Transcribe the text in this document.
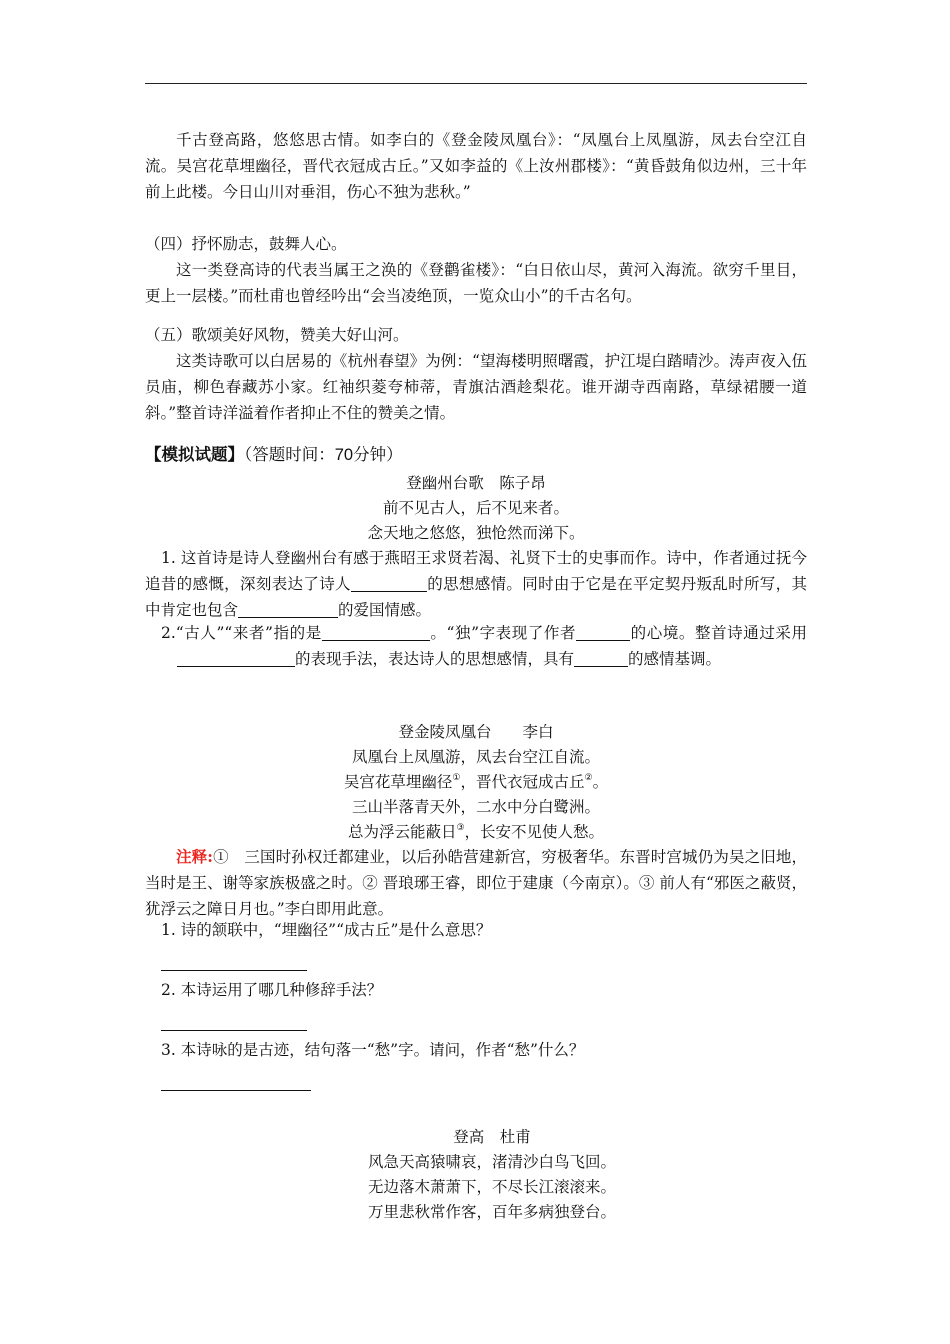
千古登高路，悠悠思古情。如李白的《登金陵凤凰台》：“凤凰台上凤凰游，凤去台空江自流。吴宫花草埋幽径，晋代衣冠成古丘。”又如李益的《上汝州郡楼》：“黄昏鼓角似边州，三十年前上此楼。今日山川对垂泪，伤心不独为悲秋。”

（四）抒怀励志，鼓舞人心。

这一类登高诗的代表当属王之涣的《登鹳雀楼》：“白日依山尽，黄河入海流。欲穷千里目，更上一层楼。”而杜甫也曾经吟出“会当凌绝顶，一览众山小”的千古名句。

（五）歌颂美好风物，赞美大好山河。

这类诗歌可以白居易的《杭州春望》为例：“望海楼明照曙霞，护江堤白踏晴沙。涛声夜入伍员庙，柳色春藏苏小家。红袖织菱夸柿蒂，青旗沽酒趁梨花。谁开湖寺西南路，草绿裙腰一道斜。”整首诗洋溢着作者抑止不住的赞美之情。

【模拟试题】（答题时间：70分钟）

登幽州台歌　陈子昂

前不见古人，后不见来者。

念天地之悠悠，独怆然而涕下。

1. 这首诗是诗人登幽州台有感于燕昭王求贤若渴、礼贤下士的史事而作。诗中，作者通过抚今追昔的感慨，深刻表达了诗人	的思想感情。同时由于它是在平定契丹叛乱时所写，其中肯定也包含	的爱国情感。

2.“古人”“来者”指的是	。“独”字表现了作者	的心境。整首诗通过采用的表现手法，表达诗人的思想感情，具有	的感情基调。

登金陵凤凰台　　李白

凤凰台上凤凰游，凤去台空江自流。

吴宫花草埋幽径①，晋代衣冠成古丘②。

三山半落青天外，二水中分白鹭洲。

总为浮云能蔽日③，长安不见使人愁。

注释:①　三国时孙权迁都建业，以后孙皓营建新宫，穷极奢华。东晋时宫城仍为吴之旧地，当时是王、谢等家族极盛之时。② 晋琅琊王睿，即位于建康（今南京）。③ 前人有“邪医之蔽贤，犹浮云之障日月也。”李白即用此意。

1. 诗的颔联中，“埋幽径”“成古丘”是什么意思？

2. 本诗运用了哪几种修辞手法？

3. 本诗咏的是古迹，结句落一“愁”字。请问，作者“愁”什么？

登高　杜甫

风急天高猿啸哀，渚清沙白鸟飞回。

无边落木萧萧下，不尽长江滚滚来。

万里悲秋常作客，百年多病独登台。
